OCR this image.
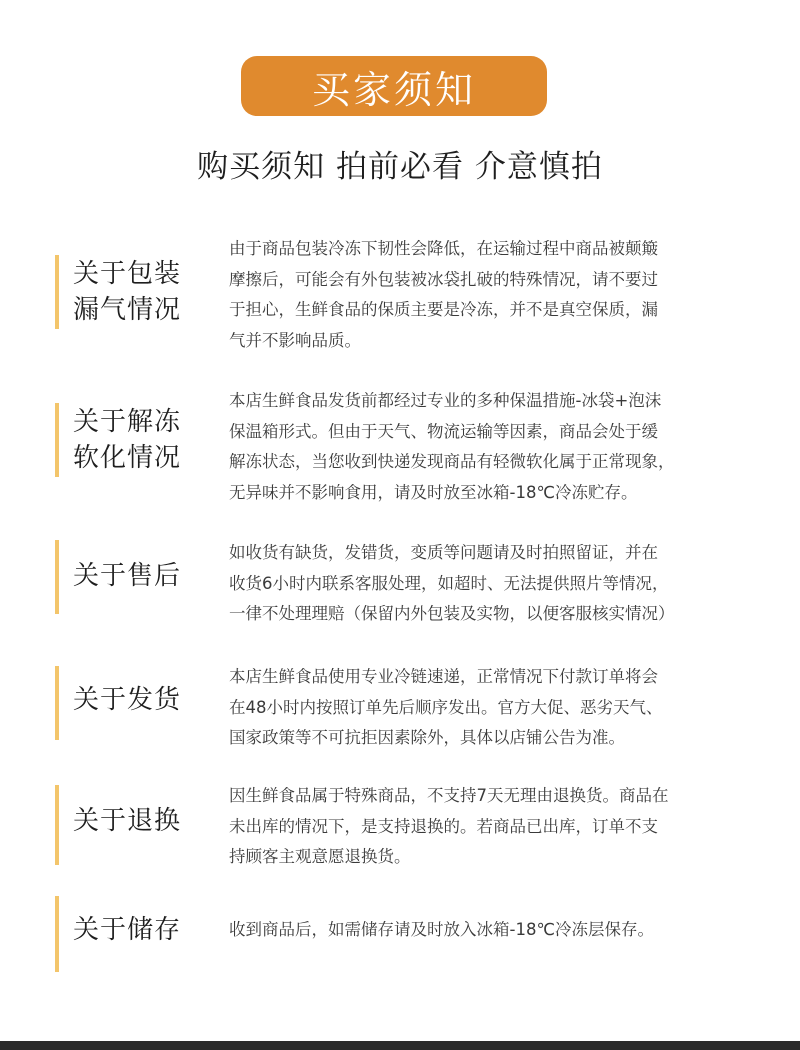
买家须知
购买须知 拍前必看 介意慎拍
关于包装
漏气情况
由于商品包装冷冻下韧性会降低，在运输过程中商品被颠簸
摩擦后，可能会有外包装被冰袋扎破的特殊情况，请不要过
于担心，生鲜食品的保质主要是冷冻，并不是真空保质，漏
气并不影响品质。
关于解冻
软化情况
本店生鲜食品发货前都经过专业的多种保温措施-冰袋+泡沫
保温箱形式。但由于天气、物流运输等因素，商品会处于缓
解冻状态，当您收到快递发现商品有轻微软化属于正常现象，
无异味并不影响食用，请及时放至冰箱-18℃冷冻贮存。
关于售后
如收货有缺货，发错货，变质等问题请及时拍照留证，并在
收货6小时内联系客服处理，如超时、无法提供照片等情况，
一律不处理理赔（保留内外包装及实物，以便客服核实情况）
关于发货
本店生鲜食品使用专业冷链速递，正常情况下付款订单将会
在48小时内按照订单先后顺序发出。官方大促、恶劣天气、
国家政策等不可抗拒因素除外，具体以店铺公告为准。
关于退换
因生鲜食品属于特殊商品，不支持7天无理由退换货。商品在
未出库的情况下，是支持退换的。若商品已出库，订单不支
持顾客主观意愿退换货。
关于储存	收到商品后，如需储存请及时放入冰箱-18℃冷冻层保存。
